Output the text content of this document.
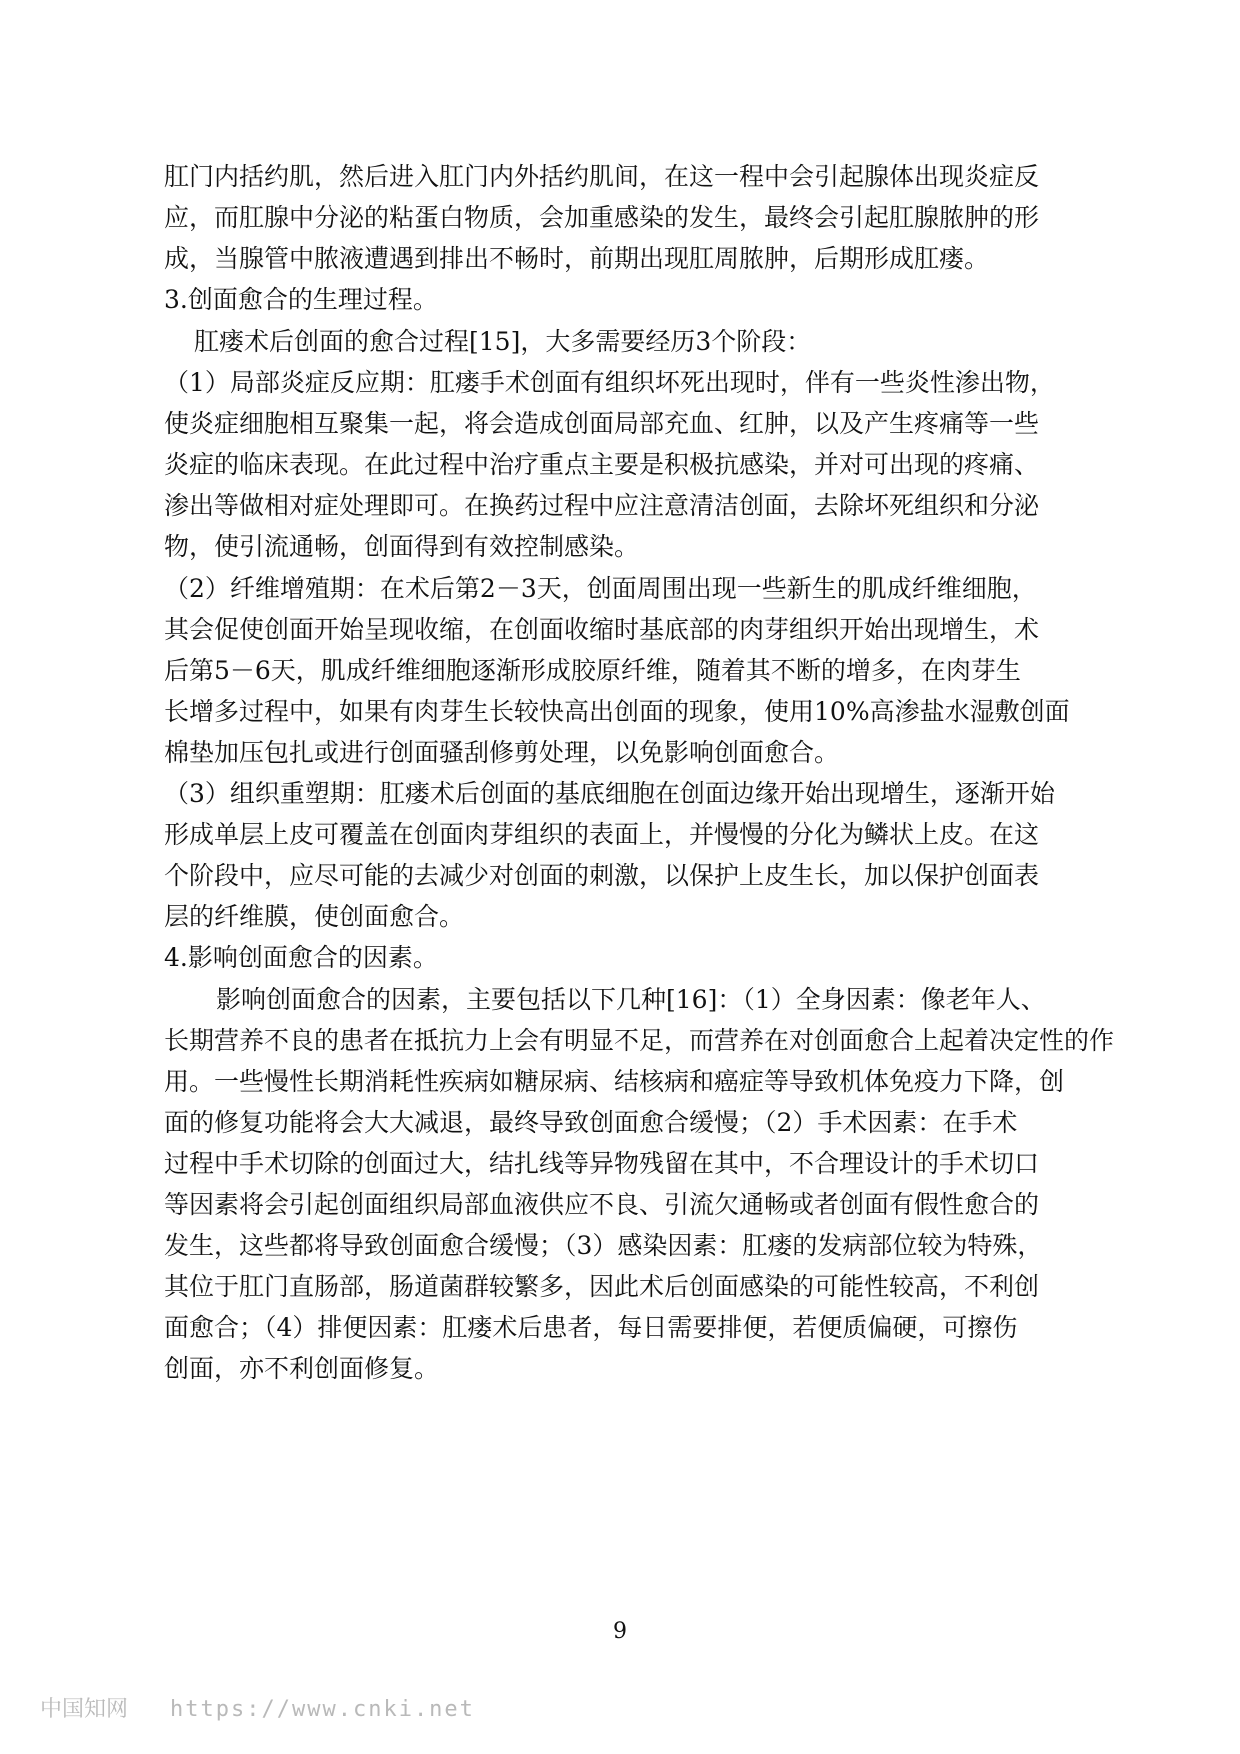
肛门内括约肌，然后进入肛门内外括约肌间，在这一程中会引起腺体出现炎症反
应，而肛腺中分泌的粘蛋白物质，会加重感染的发生，最终会引起肛腺脓肿的形
成，当腺管中脓液遭遇到排出不畅时，前期出现肛周脓肿，后期形成肛瘘。
3.创面愈合的生理过程。
肛瘘术后创面的愈合过程[15]，大多需要经历3个阶段：
（1）局部炎症反应期：肛瘘手术创面有组织坏死出现时，伴有一些炎性渗出物，
使炎症细胞相互聚集一起，将会造成创面局部充血、红肿，以及产生疼痛等一些
炎症的临床表现。在此过程中治疗重点主要是积极抗感染，并对可出现的疼痛、
渗出等做相对症处理即可。在换药过程中应注意清洁创面，去除坏死组织和分泌
物，使引流通畅，创面得到有效控制感染。
（2）纤维增殖期：在术后第2－3天，创面周围出现一些新生的肌成纤维细胞，
其会促使创面开始呈现收缩，在创面收缩时基底部的肉芽组织开始出现增生，术
后第5－6天，肌成纤维细胞逐渐形成胶原纤维，随着其不断的增多，在肉芽生
长增多过程中，如果有肉芽生长较快高出创面的现象，使用10%高渗盐水湿敷创面
棉垫加压包扎或进行创面骚刮修剪处理，以免影响创面愈合。
（3）组织重塑期：肛瘘术后创面的基底细胞在创面边缘开始出现增生，逐渐开始
形成单层上皮可覆盖在创面肉芽组织的表面上，并慢慢的分化为鳞状上皮。在这
个阶段中，应尽可能的去减少对创面的刺激，以保护上皮生长，加以保护创面表
层的纤维膜，使创面愈合。
4.影响创面愈合的因素。
影响创面愈合的因素，主要包括以下几种[16]：（1）全身因素：像老年人、
长期营养不良的患者在抵抗力上会有明显不足，而营养在对创面愈合上起着决定性的作
用。一些慢性长期消耗性疾病如糖尿病、结核病和癌症等导致机体免疫力下降，创
面的修复功能将会大大减退，最终导致创面愈合缓慢；（2）手术因素：在手术
过程中手术切除的创面过大，结扎线等异物残留在其中，不合理设计的手术切口
等因素将会引起创面组织局部血液供应不良、引流欠通畅或者创面有假性愈合的
发生，这些都将导致创面愈合缓慢；（3）感染因素：肛瘘的发病部位较为特殊，
其位于肛门直肠部，肠道菌群较繁多，因此术后创面感染的可能性较高，不利创
面愈合；（4）排便因素：肛瘘术后患者，每日需要排便，若便质偏硬，可擦伤
创面，亦不利创面修复。
9
中国知网 https://www.cnki.net
